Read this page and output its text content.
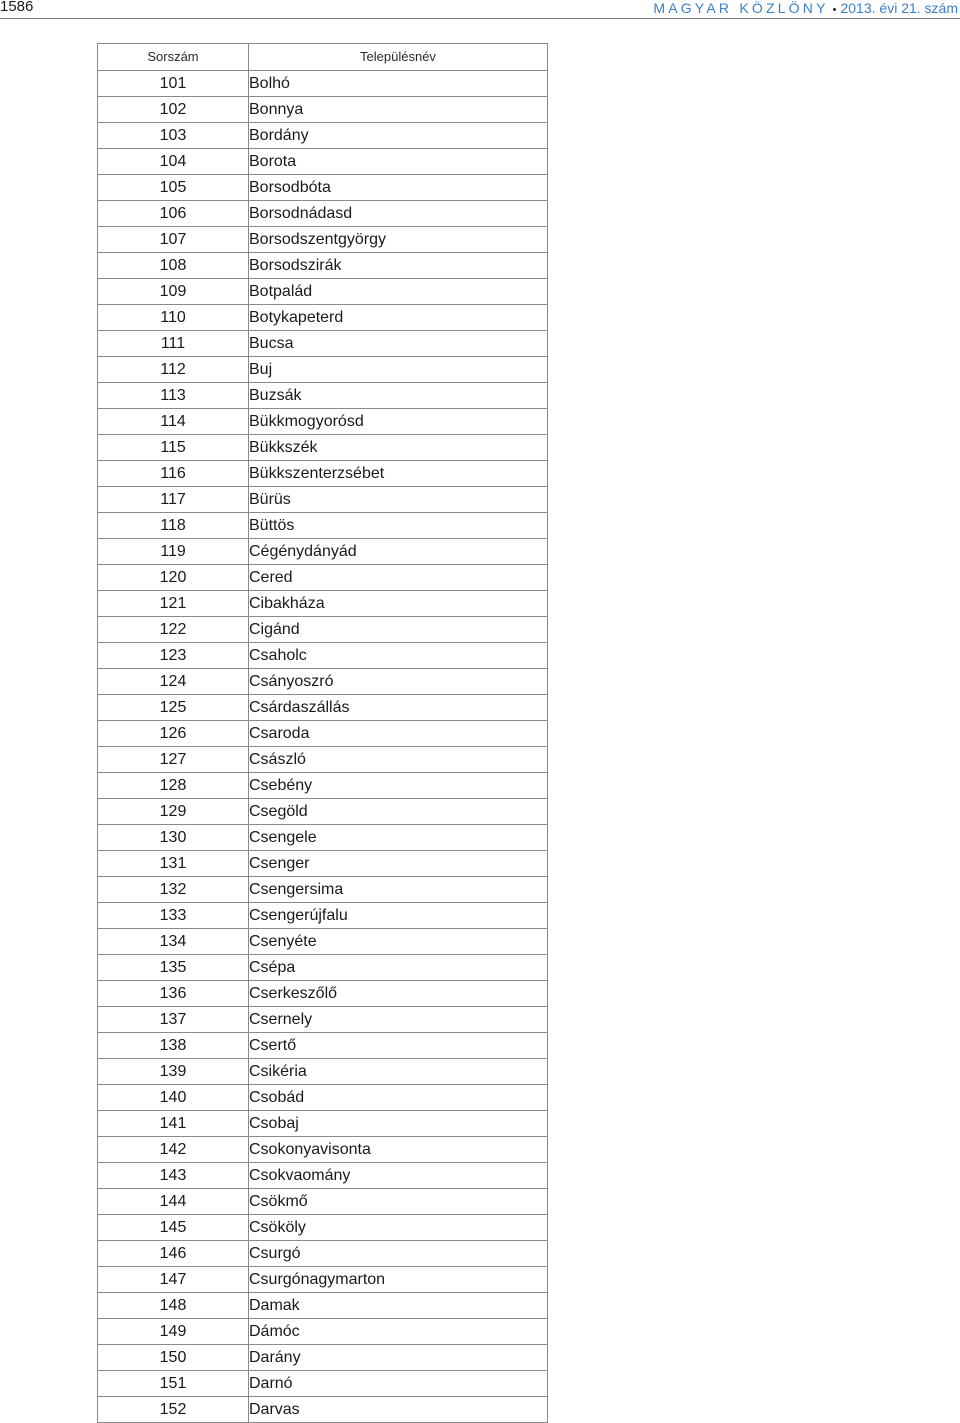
1586	MAGYAR KÖZLÖNY • 2013. évi 21. szám
Sorszám	Településnév
101	Bolhó
102	Bonnya
103	Bordány
104	Borota
105	Borsodbóta
106	Borsodnádasd
107	Borsodszentgyörgy
108	Borsodszirák
109	Botpalád
110	Botykapeterd
111	Bucsa
112	Buj
113	Buzsák
114	Bükkmogyorósd
115	Bükkszék
116	Bükkszenterzsébet
117	Bürüs
118	Büttös
119	Cégénydányád
120	Cered
121	Cibakháza
122	Cigánd
123	Csaholc
124	Csányoszró
125	Csárdaszállás
126	Csaroda
127	Császló
128	Csebény
129	Csegöld
130	Csengele
131	Csenger
132	Csengersima
133	Csengerújfalu
134	Csenyéte
135	Csépa
136	Cserkeszőlő
137	Csernely
138	Csertő
139	Csikéria
140	Csobád
141	Csobaj
142	Csokonyavisonta
143	Csokvaomány
144	Csökmő
145	Csököly
146	Csurgó
147	Csurgónagymarton
148	Damak
149	Dámóc
150	Darány
151	Darnó
152	Darvas
